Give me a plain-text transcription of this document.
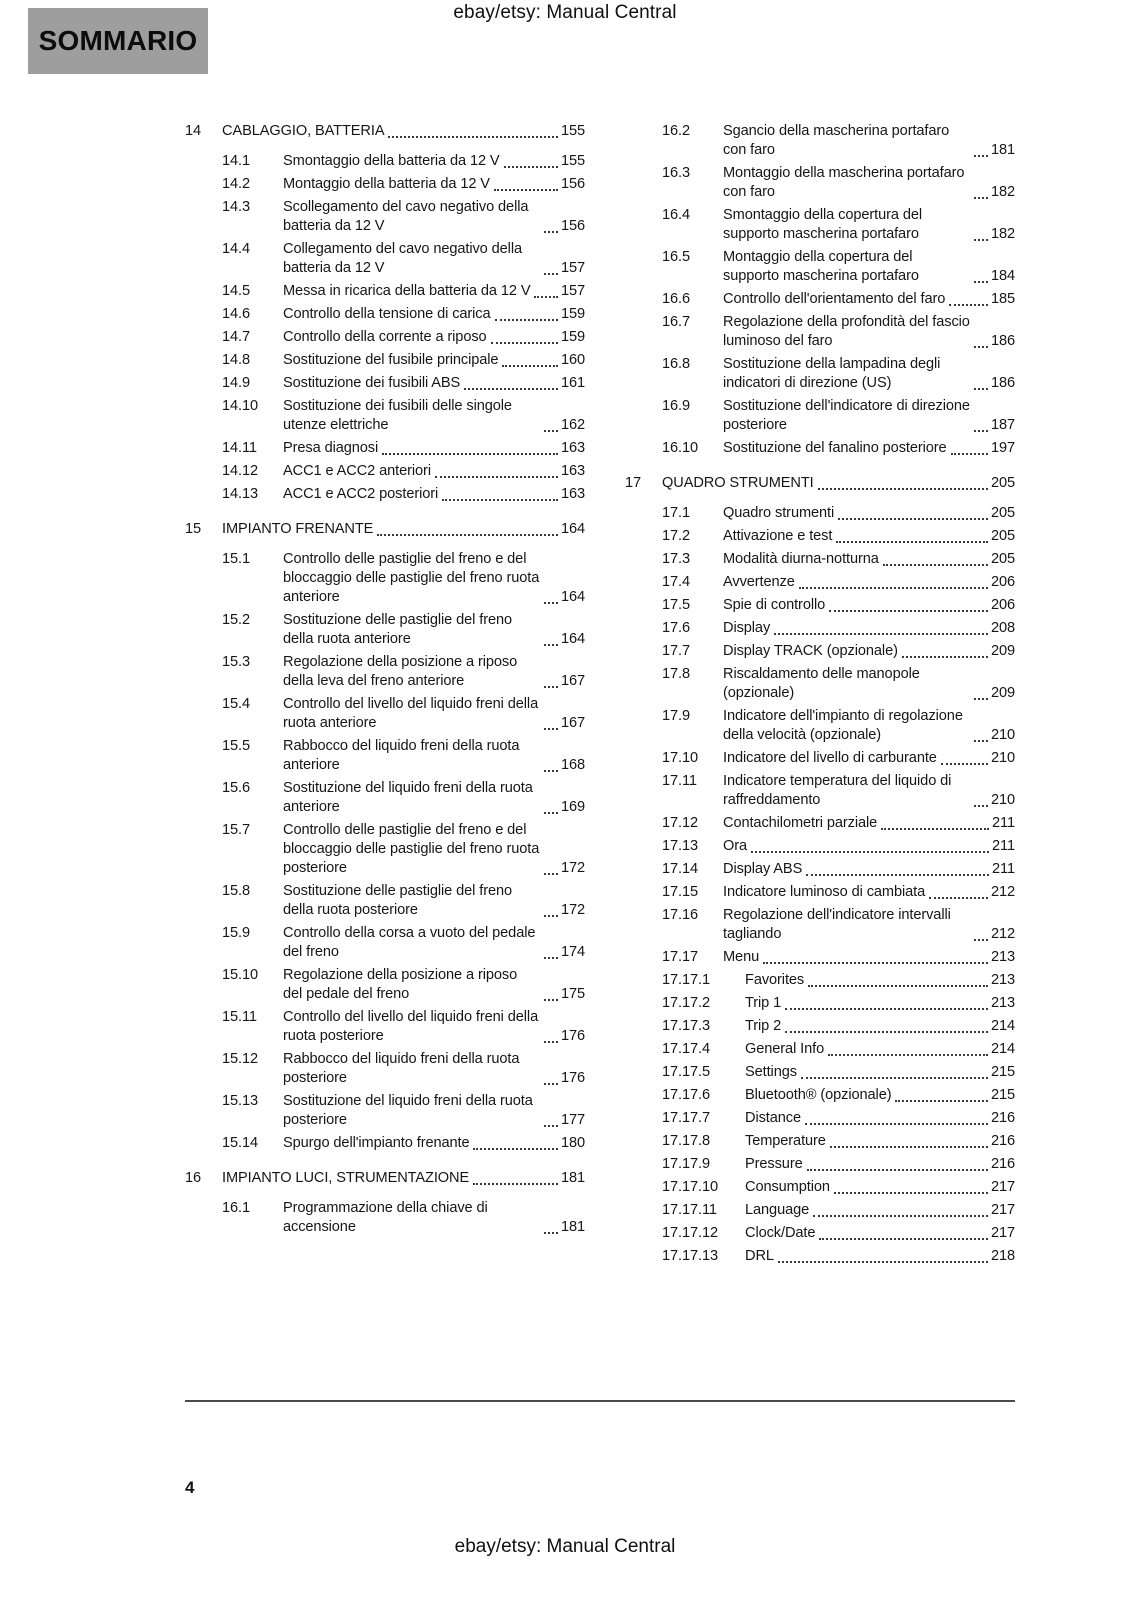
ebay/etsy: Manual Central
SOMMARIO
14	CABLAGGIO, BATTERIA	155
14.1	Smontaggio della batteria da 12 V	155
14.2	Montaggio della batteria da 12 V	156
14.3	Scollegamento del cavo negativo della batteria da 12 V	156
14.4	Collegamento del cavo negativo della batteria da 12 V	157
14.5	Messa in ricarica della batteria da 12 V 157
14.6	Controllo della tensione di carica	159
14.7	Controllo della corrente a riposo	159
14.8	Sostituzione del fusibile principale	160
14.9	Sostituzione dei fusibili ABS	161
14.10	Sostituzione dei fusibili delle singole utenze elettriche	162
14.11	Presa diagnosi	163
14.12	ACC1 e ACC2 anteriori	163
14.13	ACC1 e ACC2 posteriori	163
15	IMPIANTO FRENANTE	164
15.1	Controllo delle pastiglie del freno e del bloccaggio delle pastiglie del freno ruota anteriore	164
15.2	Sostituzione delle pastiglie del freno della ruota anteriore	164
15.3	Regolazione della posizione a riposo della leva del freno anteriore	167
15.4	Controllo del livello del liquido freni della ruota anteriore	167
15.5	Rabbocco del liquido freni della ruota anteriore	168
15.6	Sostituzione del liquido freni della ruota anteriore	169
15.7	Controllo delle pastiglie del freno e del bloccaggio delle pastiglie del freno ruota posteriore	172
15.8	Sostituzione delle pastiglie del freno della ruota posteriore	172
15.9	Controllo della corsa a vuoto del pedale del freno	174
15.10	Regolazione della posizione a riposo del pedale del freno	175
15.11	Controllo del livello del liquido freni della ruota posteriore	176
15.12	Rabbocco del liquido freni della ruota posteriore	176
15.13	Sostituzione del liquido freni della ruota posteriore	177
15.14	Spurgo dell'impianto frenante	180
16	IMPIANTO LUCI, STRUMENTAZIONE	181
16.1	Programmazione della chiave di accensione	181
16.2	Sgancio della mascherina portafaro con faro	181
16.3	Montaggio della mascherina portafaro con faro	182
16.4	Smontaggio della copertura del supporto mascherina portafaro	182
16.5	Montaggio della copertura del supporto mascherina portafaro	184
16.6	Controllo dell'orientamento del faro	185
16.7	Regolazione della profondità del fascio luminoso del faro	186
16.8	Sostituzione della lampadina degli indicatori di direzione (US)	186
16.9	Sostituzione dell'indicatore di direzione posteriore	187
16.10	Sostituzione del fanalino posteriore	197
17	QUADRO STRUMENTI	205
17.1	Quadro strumenti	205
17.2	Attivazione e test	205
17.3	Modalità diurna-notturna	205
17.4	Avvertenze	206
17.5	Spie di controllo	206
17.6	Display	208
17.7	Display TRACK (opzionale)	209
17.8	Riscaldamento delle manopole (opzionale)	209
17.9	Indicatore dell'impianto di regolazione della velocità (opzionale)	210
17.10	Indicatore del livello di carburante	210
17.11	Indicatore temperatura del liquido di raffreddamento	210
17.12	Contachilometri parziale	211
17.13	Ora	211
17.14	Display ABS	211
17.15	Indicatore luminoso di cambiata	212
17.16	Regolazione dell'indicatore intervalli tagliando	212
17.17	Menu	213
17.17.1	Favorites	213
17.17.2	Trip 1	213
17.17.3	Trip 2	214
17.17.4	General Info	214
17.17.5	Settings	215
17.17.6	Bluetooth® (opzionale)	215
17.17.7	Distance	216
17.17.8	Temperature	216
17.17.9	Pressure	216
17.17.10	Consumption	217
17.17.11	Language	217
17.17.12	Clock/Date	217
17.17.13	DRL	218
4
ebay/etsy: Manual Central
